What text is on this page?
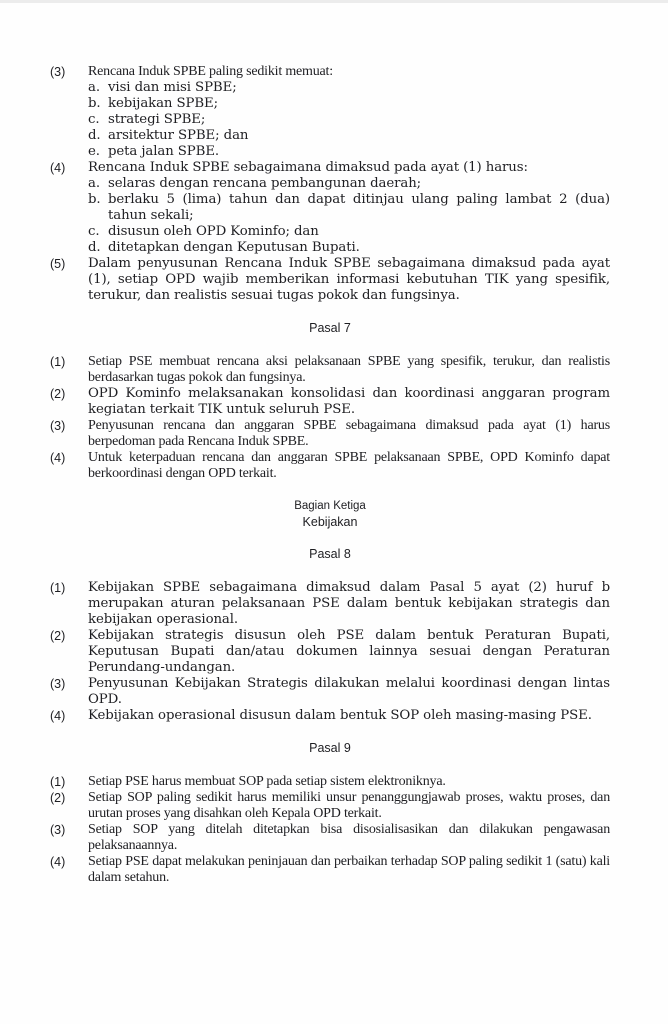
(3)	Rencana Induk SPBE paling sedikit memuat:
a. visi dan misi SPBE;
b. kebijakan SPBE;
c. strategi SPBE;
d. arsitektur SPBE; dan
e. peta jalan SPBE.
(4)	Rencana Induk SPBE sebagaimana dimaksud pada ayat (1) harus:
a. selaras dengan rencana pembangunan daerah;
b. berlaku 5 (lima) tahun dan dapat ditinjau ulang paling lambat 2 (dua) tahun sekali;
c. disusun oleh OPD Kominfo; dan
d. ditetapkan dengan Keputusan Bupati.
(5)	Dalam penyusunan Rencana Induk SPBE sebagaimana dimaksud pada ayat (1), setiap OPD wajib memberikan informasi kebutuhan TIK yang spesifik, terukur, dan realistis sesuai tugas pokok dan fungsinya.
Pasal 7
(1)	Setiap PSE membuat rencana aksi pelaksanaan SPBE yang spesifik, terukur, dan realistis berdasarkan tugas pokok dan fungsinya.
(2)	OPD Kominfo melaksanakan konsolidasi dan koordinasi anggaran program kegiatan terkait TIK untuk seluruh PSE.
(3)	Penyusunan rencana dan anggaran SPBE sebagaimana dimaksud pada ayat (1) harus berpedoman pada Rencana Induk SPBE.
(4)	Untuk keterpaduan rencana dan anggaran SPBE pelaksanaan SPBE, OPD Kominfo dapat berkoordinasi dengan OPD terkait.
Bagian Ketiga
Kebijakan
Pasal 8
(1)	Kebijakan SPBE sebagaimana dimaksud dalam Pasal 5 ayat (2) huruf b merupakan aturan pelaksanaan PSE dalam bentuk kebijakan strategis dan kebijakan operasional.
(2)	Kebijakan strategis disusun oleh PSE dalam bentuk Peraturan Bupati, Keputusan Bupati dan/atau dokumen lainnya sesuai dengan Peraturan Perundang-undangan.
(3)	Penyusunan Kebijakan Strategis dilakukan melalui koordinasi dengan lintas OPD.
(4)	Kebijakan operasional disusun dalam bentuk SOP oleh masing-masing PSE.
Pasal 9
(1)	Setiap PSE harus membuat SOP pada setiap sistem elektroniknya.
(2)	Setiap SOP paling sedikit harus memiliki unsur penanggungjawab proses, waktu proses, dan urutan proses yang disahkan oleh Kepala OPD terkait.
(3)	Setiap SOP yang ditelah ditetapkan bisa disosialisasikan dan dilakukan pengawasan pelaksanaannya.
(4)	Setiap PSE dapat melakukan peninjauan dan perbaikan terhadap SOP paling sedikit 1 (satu) kali dalam setahun.
